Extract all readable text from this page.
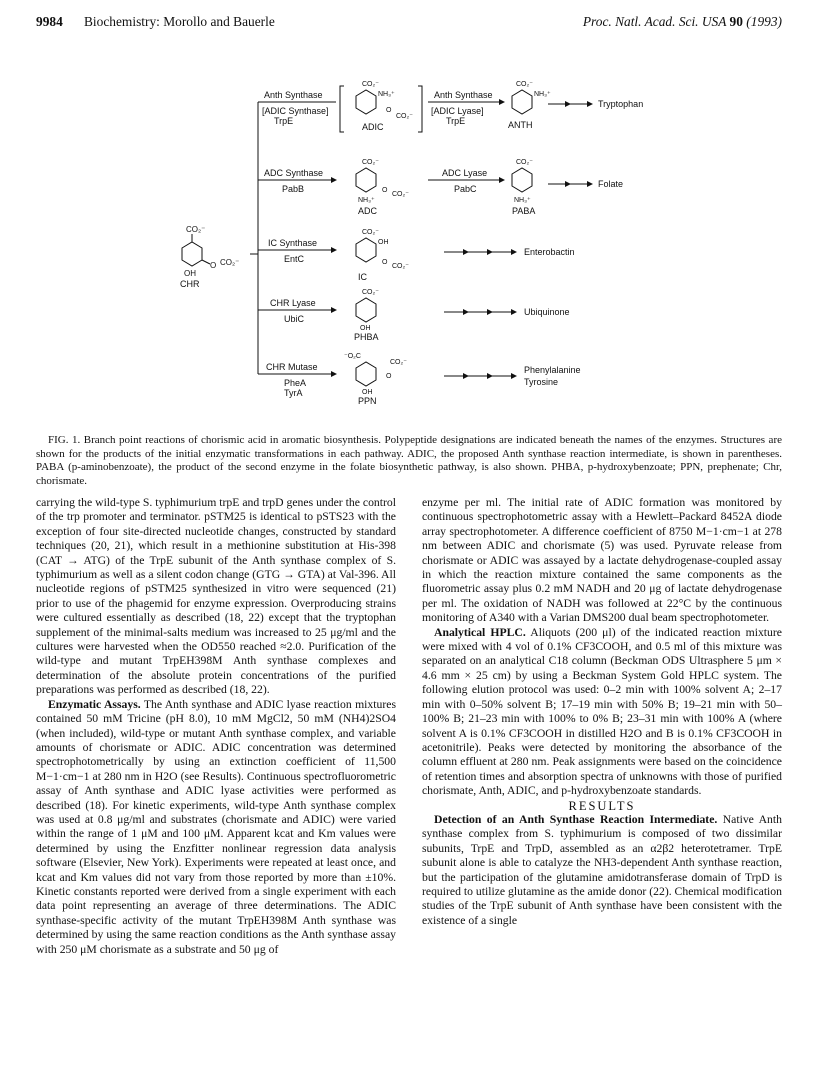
9984 Biochemistry: Morollo and Bauerle	Proc. Natl. Acad. Sci. USA 90 (1993)
CO₂⁻
O CO₂⁻
OH
CHR
Anth Synthase
[ADIC Synthase]
TrpE
CO₂⁻
NH₃⁺
O
CO₂⁻
ADIC
Anth Synthase
[ADIC Lyase]
TrpE
CO₂⁻
NH₃⁺
ANTH
Tryptophan
ADC Synthase
PabB
CO₂⁻
O
CO₂⁻
NH₃⁺
ADC
ADC Lyase
PabC
CO₂⁻
NH₃⁺
PABA
Folate
IC Synthase
EntC
CO₂⁻
OH
O
CO₂⁻
IC
Enterobactin
CHR Lyase
UbiC
CO₂⁻
OH
PHBA
Ubiquinone
CHR Mutase
PheA
TyrA
⁻O₂C
CO₂⁻
O
OH
PPN
Phenylalanine
Tyrosine
FIG. 1. Branch point reactions of chorismic acid in aromatic biosynthesis. Polypeptide designations are indicated beneath the names of the enzymes. Structures are shown for the products of the initial enzymatic transformations in each pathway. ADIC, the proposed Anth synthase reaction intermediate, is shown in parentheses. PABA (p-aminobenzoate), the product of the second enzyme in the folate biosynthetic pathway, is also shown. PHBA, p-hydroxybenzoate; PPN, prephenate; Chr, chorismate.

carrying the wild-type S. typhimurium trpE and trpD genes under the control of the trp promoter and terminator. pSTM25 is identical to pSTS23 with the exception of four site-directed nucleotide changes, constructed by standard techniques (20, 21), which result in a methionine substitution at His-398 (CAT → ATG) of the TrpE subunit of the Anth synthase complex of S. typhimurium as well as a silent codon change (GTG → GTA) at Val-396. All nucleotide regions of pSTM25 synthesized in vitro were sequenced (21) prior to use of the phagemid for enzyme expression. Overproducing strains were cultured essentially as described (18, 22) except that the tryptophan supplement of the minimal-salts medium was increased to 25 μg/ml and the cultures were harvested when the OD550 reached ≈2.0. Purification of the wild-type and mutant TrpEH398M Anth synthase complexes and determination of the absolute protein concentrations of the purified preparations was performed as described (18, 22).

Enzymatic Assays. The Anth synthase and ADIC lyase reaction mixtures contained 50 mM Tricine (pH 8.0), 10 mM MgCl2, 50 mM (NH4)2SO4 (when included), wild-type or mutant Anth synthase complex, and variable amounts of chorismate or ADIC. ADIC concentration was determined spectrophotometrically by using an extinction coefficient of 11,500 M−1·cm−1 at 280 nm in H2O (see Results). Continuous spectrofluorometric assay of Anth synthase and ADIC lyase activities were performed as described (18). For kinetic experiments, wild-type Anth synthase complex was used at 0.8 μg/ml and substrates (chorismate and ADIC) were varied within the range of 1 μM and 100 μM. Apparent kcat and Km values were determined by using the Enzfitter nonlinear regression data analysis software (Elsevier, New York). Experiments were repeated at least once, and kcat and Km values did not vary from those reported by more than ±10%. Kinetic constants reported were derived from a single experiment with each data point representing an average of three determinations. The ADIC synthase-specific activity of the mutant TrpEH398M Anth synthase was determined by using the same reaction conditions as the Anth synthase assay with 250 μM chorismate as a substrate and 50 μg of

enzyme per ml. The initial rate of ADIC formation was monitored by continuous spectrophotometric assay with a Hewlett–Packard 8452A diode array spectrophotometer. A difference coefficient of 8750 M−1·cm−1 at 278 nm between ADIC and chorismate (5) was used. Pyruvate release from chorismate or ADIC was assayed by a lactate dehydrogenase-coupled assay in which the reaction mixture contained the same components as the fluorometric assay plus 0.2 mM NADH and 20 μg of lactate dehydrogenase per ml. The oxidation of NADH was followed at 22°C by the continuous monitoring of A340 with a Varian DMS200 dual beam spectrophotometer.

Analytical HPLC. Aliquots (200 μl) of the indicated reaction mixture were mixed with 4 vol of 0.1% CF3COOH, and 0.5 ml of this mixture was separated on an analytical C18 column (Beckman ODS Ultrasphere 5 μm × 4.6 mm × 25 cm) by using a Beckman System Gold HPLC system. The following elution protocol was used: 0–2 min with 100% solvent A; 2–17 min with 0–50% solvent B; 17–19 min with 50% B; 19–21 min with 50–100% B; 21–23 min with 100% to 0% B; 23–31 min with 100% A (where solvent A is 0.1% CF3COOH in distilled H2O and B is 0.1% CF3COOH in acetonitrile). Peaks were detected by monitoring the absorbance of the column effluent at 280 nm. Peak assignments were based on the coincidence of retention times and absorption spectra of unknowns with those of purified chorismate, Anth, ADIC, and p-hydroxybenzoate standards.

RESULTS

Detection of an Anth Synthase Reaction Intermediate. Native Anth synthase complex from S. typhimurium is composed of two dissimilar subunits, TrpE and TrpD, assembled as an α2β2 heterotetramer. TrpE subunit alone is able to catalyze the NH3-dependent Anth synthase reaction, but the participation of the glutamine amidotransferase domain of TrpD is required to utilize glutamine as the amide donor (22). Chemical modification studies of the TrpE subunit of Anth synthase have been consistent with the existence of a single
